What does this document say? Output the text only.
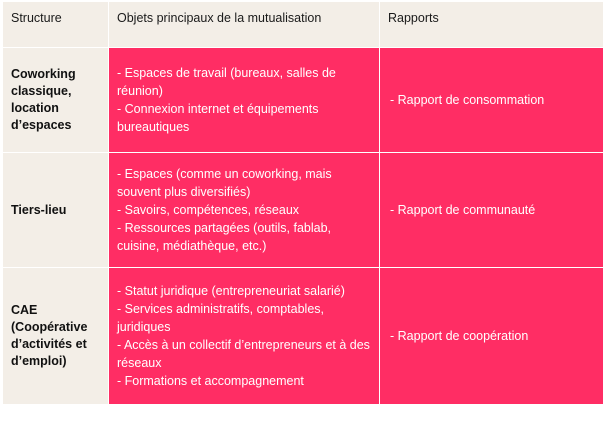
Structure	Objets principaux de la mutualisation	Rapports
Coworking classique, location d’espaces	- Espaces de travail (bureaux, salles de réunion)
- Connexion internet et équipements bureautiques	- Rapport de consommation
Tiers-lieu	- Espaces (comme un coworking, mais souvent plus diversifiés)
- Savoirs, compétences, réseaux
- Ressources partagées (outils, fablab, cuisine, médiathèque, etc.)	- Rapport de communauté
CAE (Coopérative d’activités et d’emploi)	- Statut juridique (entrepreneuriat salarié)
- Services administratifs, comptables, juridiques
- Accès à un collectif d’entrepreneurs et à des réseaux
- Formations et accompagnement	- Rapport de coopération
